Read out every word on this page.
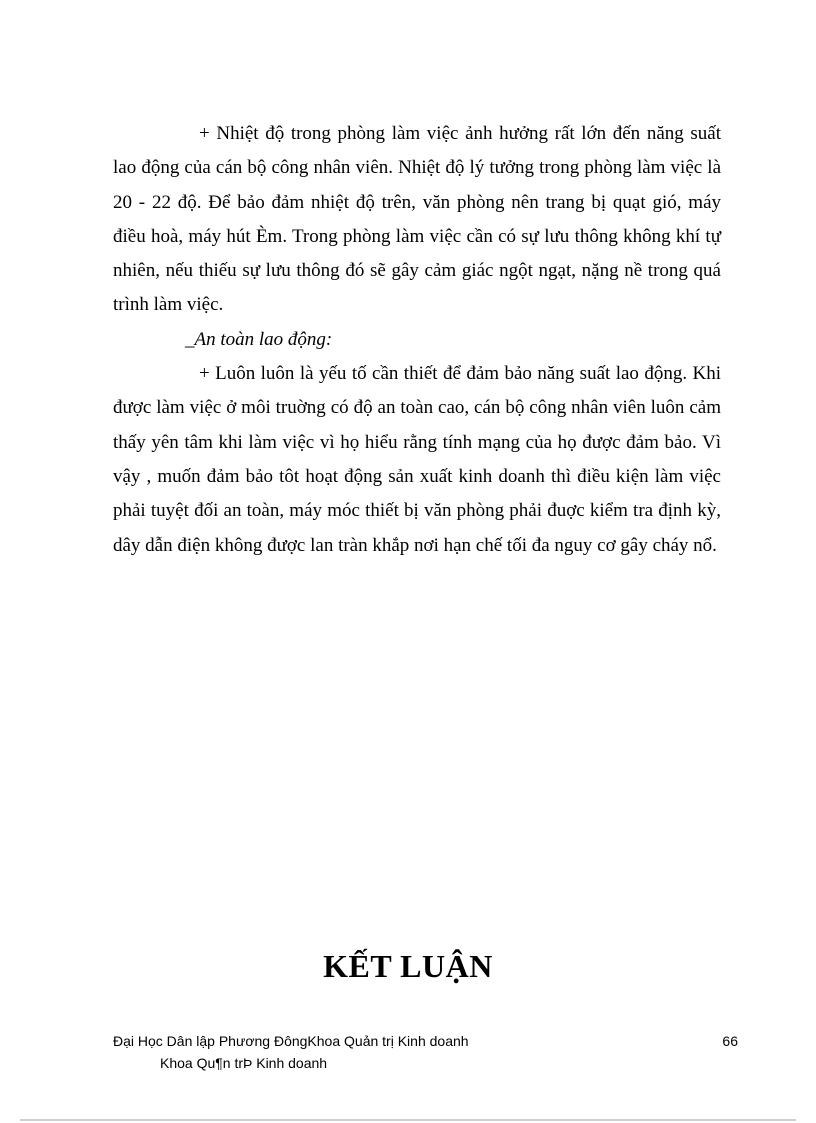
+ Nhiệt độ trong phòng làm việc ảnh hưởng rất lớn đến năng suất lao động của cán bộ công nhân viên. Nhiệt độ lý tưởng trong phòng làm việc là 20 - 22 độ. Để bảo đảm nhiệt độ trên, văn phòng nên trang bị quạt gió, máy điều hoà, máy hút Èm. Trong phòng làm việc cần có sự lưu thông không khí tự nhiên, nếu thiếu sự lưu thông đó sẽ gây cảm giác ngột ngạt, nặng nề trong quá trình làm việc.

_An toàn lao động:

+ Luôn luôn là yếu tố cần thiết để đảm bảo năng suất lao động. Khi được làm việc ở môi truờng có độ an toàn cao, cán bộ công nhân viên luôn cảm thấy yên tâm khi làm việc vì họ hiểu rằng tính mạng của họ được đảm bảo. Vì vậy , muốn đảm bảo tôt hoạt động sản xuất kinh doanh thì điều kiện làm việc phải tuyệt đối an toàn, máy móc thiết bị văn phòng phải đuợc kiểm tra định kỳ, dây dẫn điện không được lan tràn khắp nơi hạn chế tối đa nguy cơ gây cháy nổ.

KẾT LUẬN
Đại Học Dân lập Phương ĐôngKhoa Quản trị Kinh doanh
Khoa Qu¶n trÞ Kinh doanh
66
